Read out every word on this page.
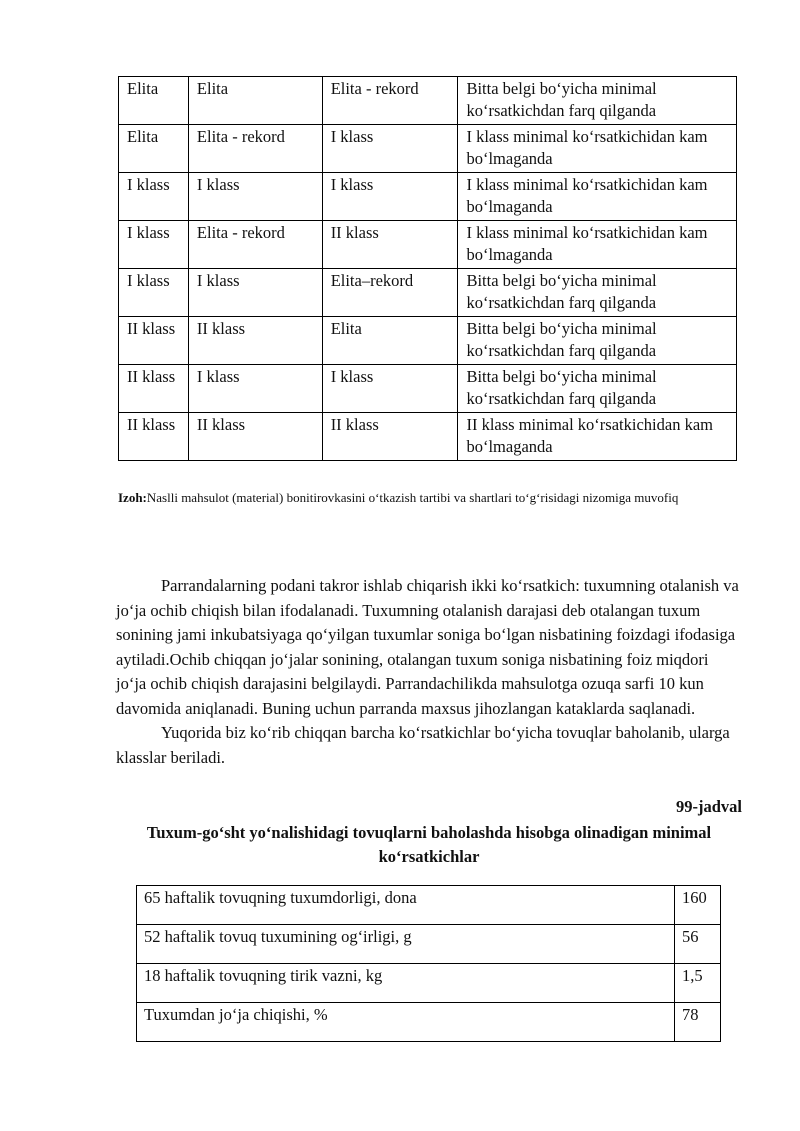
Elita	Elita	Elita - rekord	Bitta belgi boʻyicha minimal koʻrsatkichdan farq qilganda
Elita	Elita - rekord	I klass	I klass minimal koʻrsatkichidan kam boʻlmaganda
I klass	I klass	I klass	I klass minimal koʻrsatkichidan kam boʻlmaganda
I klass	Elita - rekord	II klass	I klass minimal koʻrsatkichidan kam boʻlmaganda
I klass	I klass	Elita–rekord	Bitta belgi boʻyicha minimal koʻrsatkichdan farq qilganda
II klass	II klass	Elita	Bitta belgi boʻyicha minimal koʻrsatkichdan farq qilganda
II klass	I klass	I klass	Bitta belgi boʻyicha minimal koʻrsatkichdan farq qilganda
II klass	II klass	II klass	II klass minimal koʻrsatkichidan kam boʻlmaganda
Izoh:Naslli mahsulot (material) bonitirovkasini oʻtkazish tartibi va shartlari toʻgʻrisidagi nizomiga muvofiq

Parrandalarning podani takror ishlab chiqarish ikki koʻrsatkich: tuxumning otalanish va joʻja ochib chiqish bilan ifodalanadi. Tuxumning otalanish darajasi deb otalangan tuxum sonining jami inkubatsiyaga qoʻyilgan tuxumlar soniga boʻlgan nisbatining foizdagi ifodasiga aytiladi.Ochib chiqqan joʻjalar sonining, otalangan tuxum soniga nisbatining foiz miqdori joʻja ochib chiqish darajasini belgilaydi. Parrandachilikda mahsulotga ozuqa sarfi 10 kun davomida aniqlanadi. Buning uchun parranda maxsus jihozlangan kataklarda saqlanadi.

Yuqorida biz koʻrib chiqqan barcha koʻrsatkichlar boʻyicha tovuqlar baholanib, ularga klasslar beriladi.

99-jadval
Tuxum-goʻsht yoʻnalishidagi tovuqlarni baholashda hisobga olinadigan minimal koʻrsatkichlar
65 haftalik tovuqning tuxumdorligi, dona	160
52 haftalik tovuq tuxumining ogʻirligi, g	56
18 haftalik tovuqning tirik vazni, kg	1,5
Tuxumdan joʻja chiqishi, %	78
